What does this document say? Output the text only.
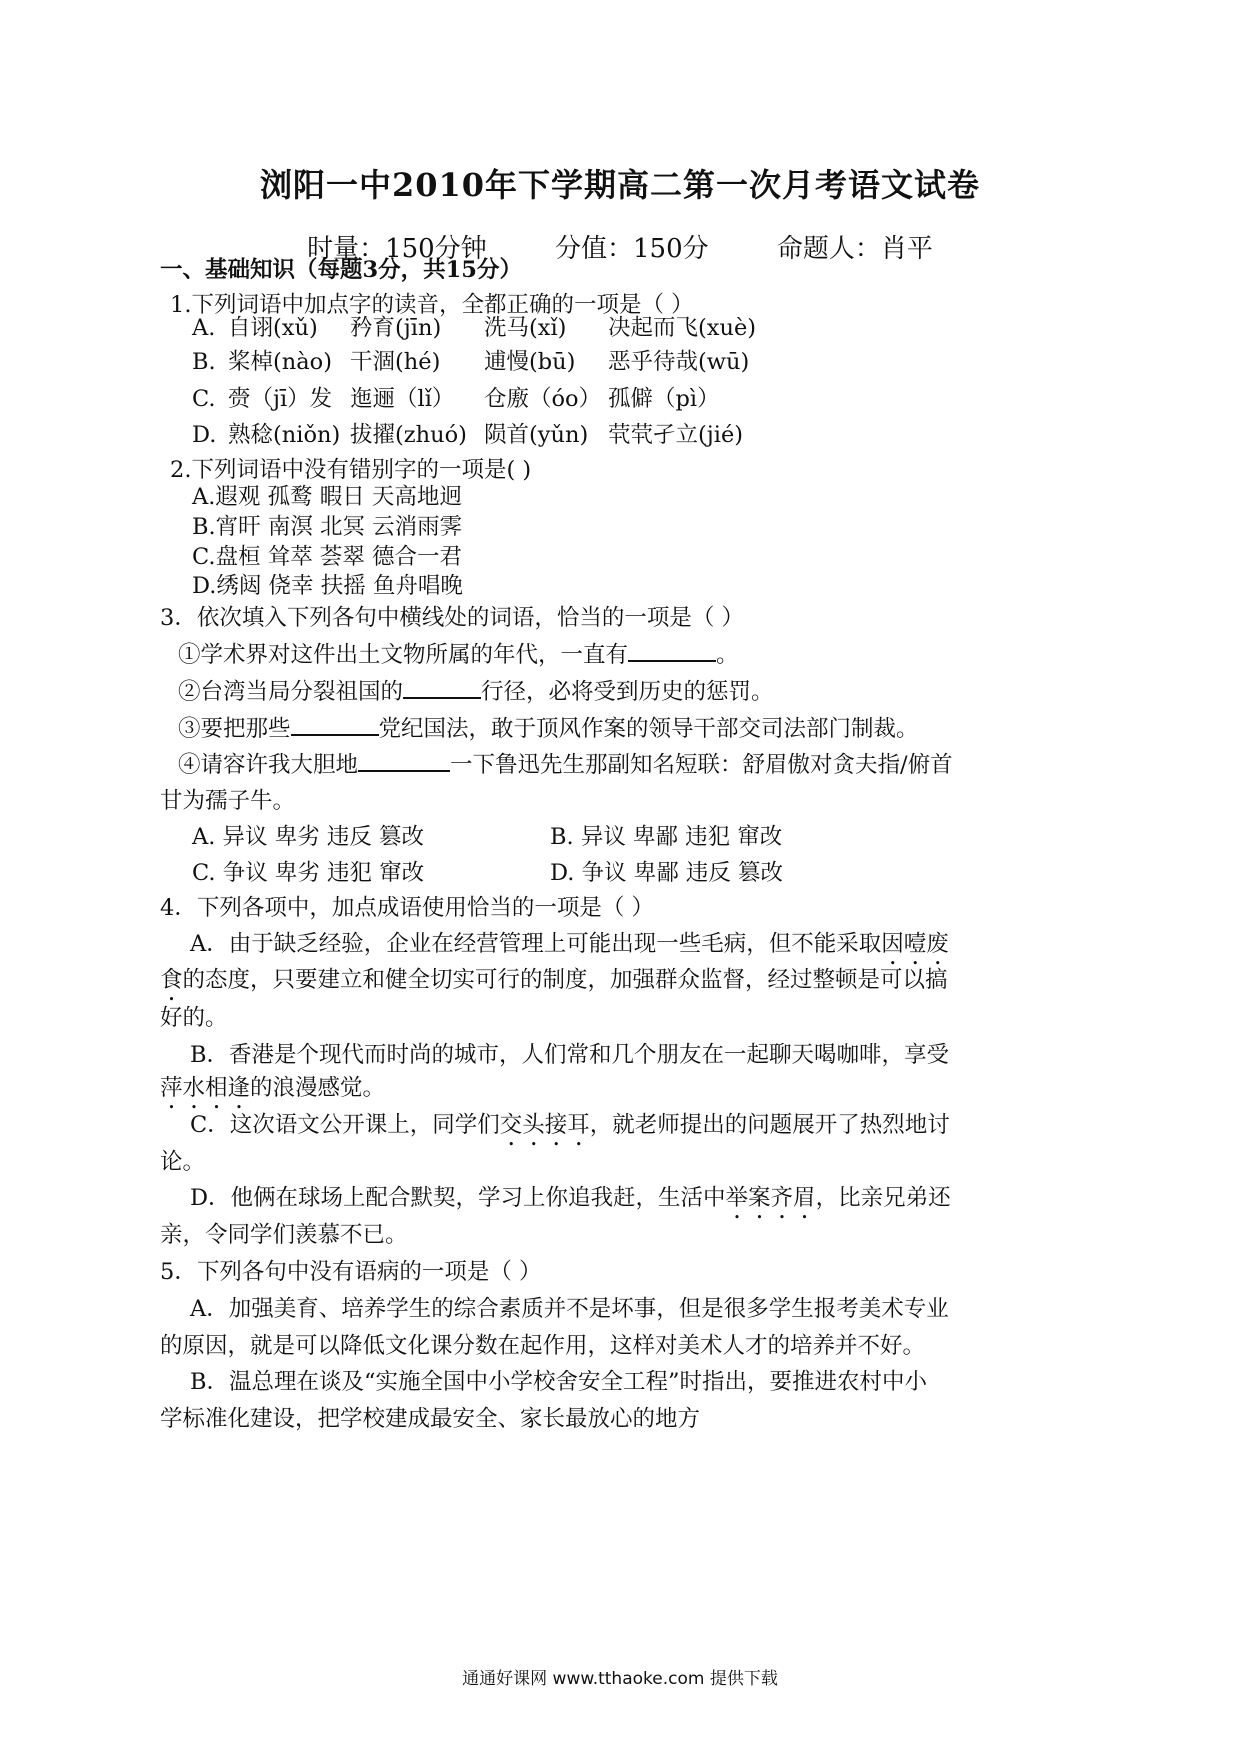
浏阳一中2010年下学期高二第一次月考语文试卷
时量：150分钟	分值：150分	命题人：肖平
一、基础知识（每题3分，共15分）
1.下列词语中加点字的读音，全都正确的一项是（ ）
A. 自诩(xǔ) 矜育(jīn) 洗马(xǐ) 决起而飞(xuè)
B. 桨棹(nào) 干涸(hé) 逋慢(bū) 恶乎待哉(wū)
C. 赍（jī）发 迤逦（lǐ） 仓廒（óo） 孤僻（pì）
D. 熟稔(niǒn) 拔擢(zhuó) 陨首(yǔn) 茕茕孑立(jié)
2.下列词语中没有错别字的一项是( )
A.遐观 孤鹜 暇日 天高地迥
B.宵旰 南溟 北冥 云消雨霁
C.盘桓 耸萃 荟翠 德合一君
D.绣闼 侥幸 扶摇 鱼舟唱晚
3．依次填入下列各句中横线处的词语，恰当的一项是（ ）
①学术界对这件出土文物所属的年代，一直有	。
②台湾当局分裂祖国的	行径，必将受到历史的惩罚。
③要把那些	党纪国法，敢于顶风作案的领导干部交司法部门制裁。
④请容许我大胆地	一下鲁迅先生那副知名短联：舒眉傲对贪夫指/俯首
甘为孺子牛。
A. 异议 卑劣 违反 篡改	B. 异议 卑鄙 违犯 窜改
C. 争议 卑劣 违犯 窜改	D. 争议 卑鄙 违反 篡改
4．下列各项中，加点成语使用恰当的一项是（ ）
A．由于缺乏经验，企业在经营管理上可能出现一些毛病，但不能采取因噎废
食的态度，只要建立和健全切实可行的制度，加强群众监督，经过整顿是可以搞
好的。
B．香港是个现代而时尚的城市，人们常和几个朋友在一起聊天喝咖啡，享受
萍水相逢的浪漫感觉。
C．这次语文公开课上，同学们交头接耳，就老师提出的问题展开了热烈地讨
论。
D．他俩在球场上配合默契，学习上你追我赶，生活中举案齐眉，比亲兄弟还
亲，令同学们羡慕不已。
5．下列各句中没有语病的一项是（ ）
A．加强美育、培养学生的综合素质并不是坏事，但是很多学生报考美术专业
的原因，就是可以降低文化课分数在起作用，这样对美术人才的培养并不好。
B．温总理在谈及“实施全国中小学校舍安全工程”时指出，要推进农村中小
学标准化建设，把学校建成最安全、家长最放心的地方
通通好课网 www.tthaoke.com 提供下载
